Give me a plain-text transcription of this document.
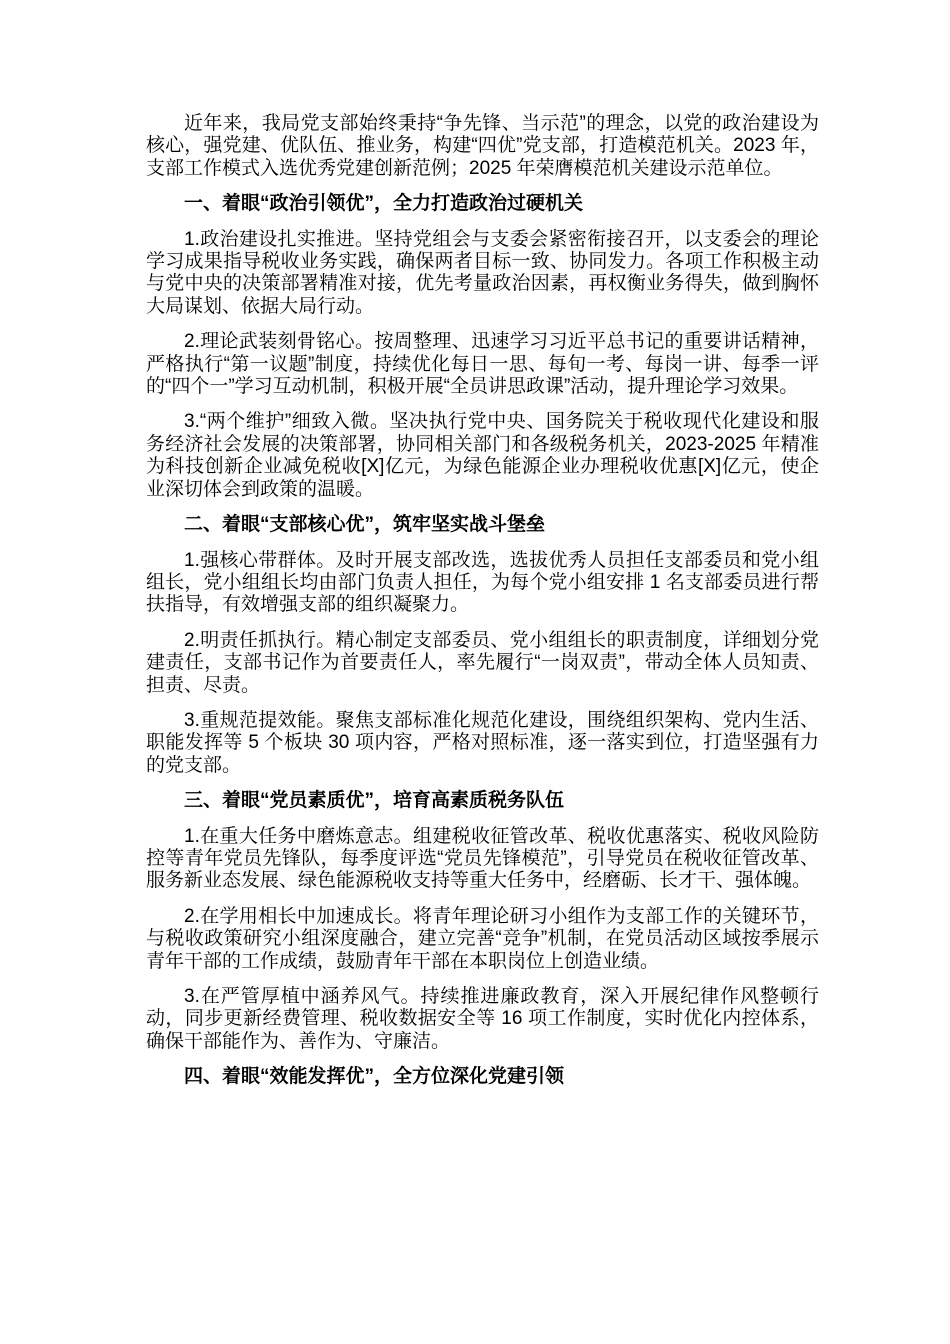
近年来，我局党支部始终秉持“争先锋、当示范”的理念，以党的政治建设为核心，强党建、优队伍、推业务，构建“四优”党支部，打造模范机关。2023 年，支部工作模式入选优秀党建创新范例；2025 年荣膺模范机关建设示范单位。

一、着眼“政治引领优”，全力打造政治过硬机关

1.政治建设扎实推进。坚持党组会与支委会紧密衔接召开，以支委会的理论学习成果指导税收业务实践，确保两者目标一致、协同发力。各项工作积极主动与党中央的决策部署精准对接，优先考量政治因素，再权衡业务得失，做到胸怀大局谋划、依据大局行动。

2.理论武装刻骨铭心。按周整理、迅速学习习近平总书记的重要讲话精神，严格执行“第一议题”制度，持续优化每日一思、每旬一考、每岗一讲、每季一评的“四个一”学习互动机制，积极开展“全员讲思政课”活动，提升理论学习效果。

3.“两个维护”细致入微。坚决执行党中央、国务院关于税收现代化建设和服务经济社会发展的决策部署，协同相关部门和各级税务机关，2023-2025 年精准为科技创新企业减免税收[X]亿元，为绿色能源企业办理税收优惠[X]亿元，使企业深切体会到政策的温暖。

二、着眼“支部核心优”，筑牢坚实战斗堡垒

1.强核心带群体。及时开展支部改选，选拔优秀人员担任支部委员和党小组组长，党小组组长均由部门负责人担任，为每个党小组安排 1 名支部委员进行帮扶指导，有效增强支部的组织凝聚力。

2.明责任抓执行。精心制定支部委员、党小组组长的职责制度，详细划分党建责任，支部书记作为首要责任人，率先履行“一岗双责”，带动全体人员知责、担责、尽责。

3.重规范提效能。聚焦支部标准化规范化建设，围绕组织架构、党内生活、职能发挥等 5 个板块 30 项内容，严格对照标准，逐一落实到位，打造坚强有力的党支部。

三、着眼“党员素质优”，培育高素质税务队伍

1.在重大任务中磨炼意志。组建税收征管改革、税收优惠落实、税收风险防控等青年党员先锋队，每季度评选“党员先锋模范”，引导党员在税收征管改革、服务新业态发展、绿色能源税收支持等重大任务中，经磨砺、长才干、强体魄。

2.在学用相长中加速成长。将青年理论研习小组作为支部工作的关键环节，与税收政策研究小组深度融合，建立完善“竞争”机制，在党员活动区域按季展示青年干部的工作成绩，鼓励青年干部在本职岗位上创造业绩。

3.在严管厚植中涵养风气。持续推进廉政教育，深入开展纪律作风整顿行动，同步更新经费管理、税收数据安全等 16 项工作制度，实时优化内控体系，确保干部能作为、善作为、守廉洁。

四、着眼“效能发挥优”，全方位深化党建引领
